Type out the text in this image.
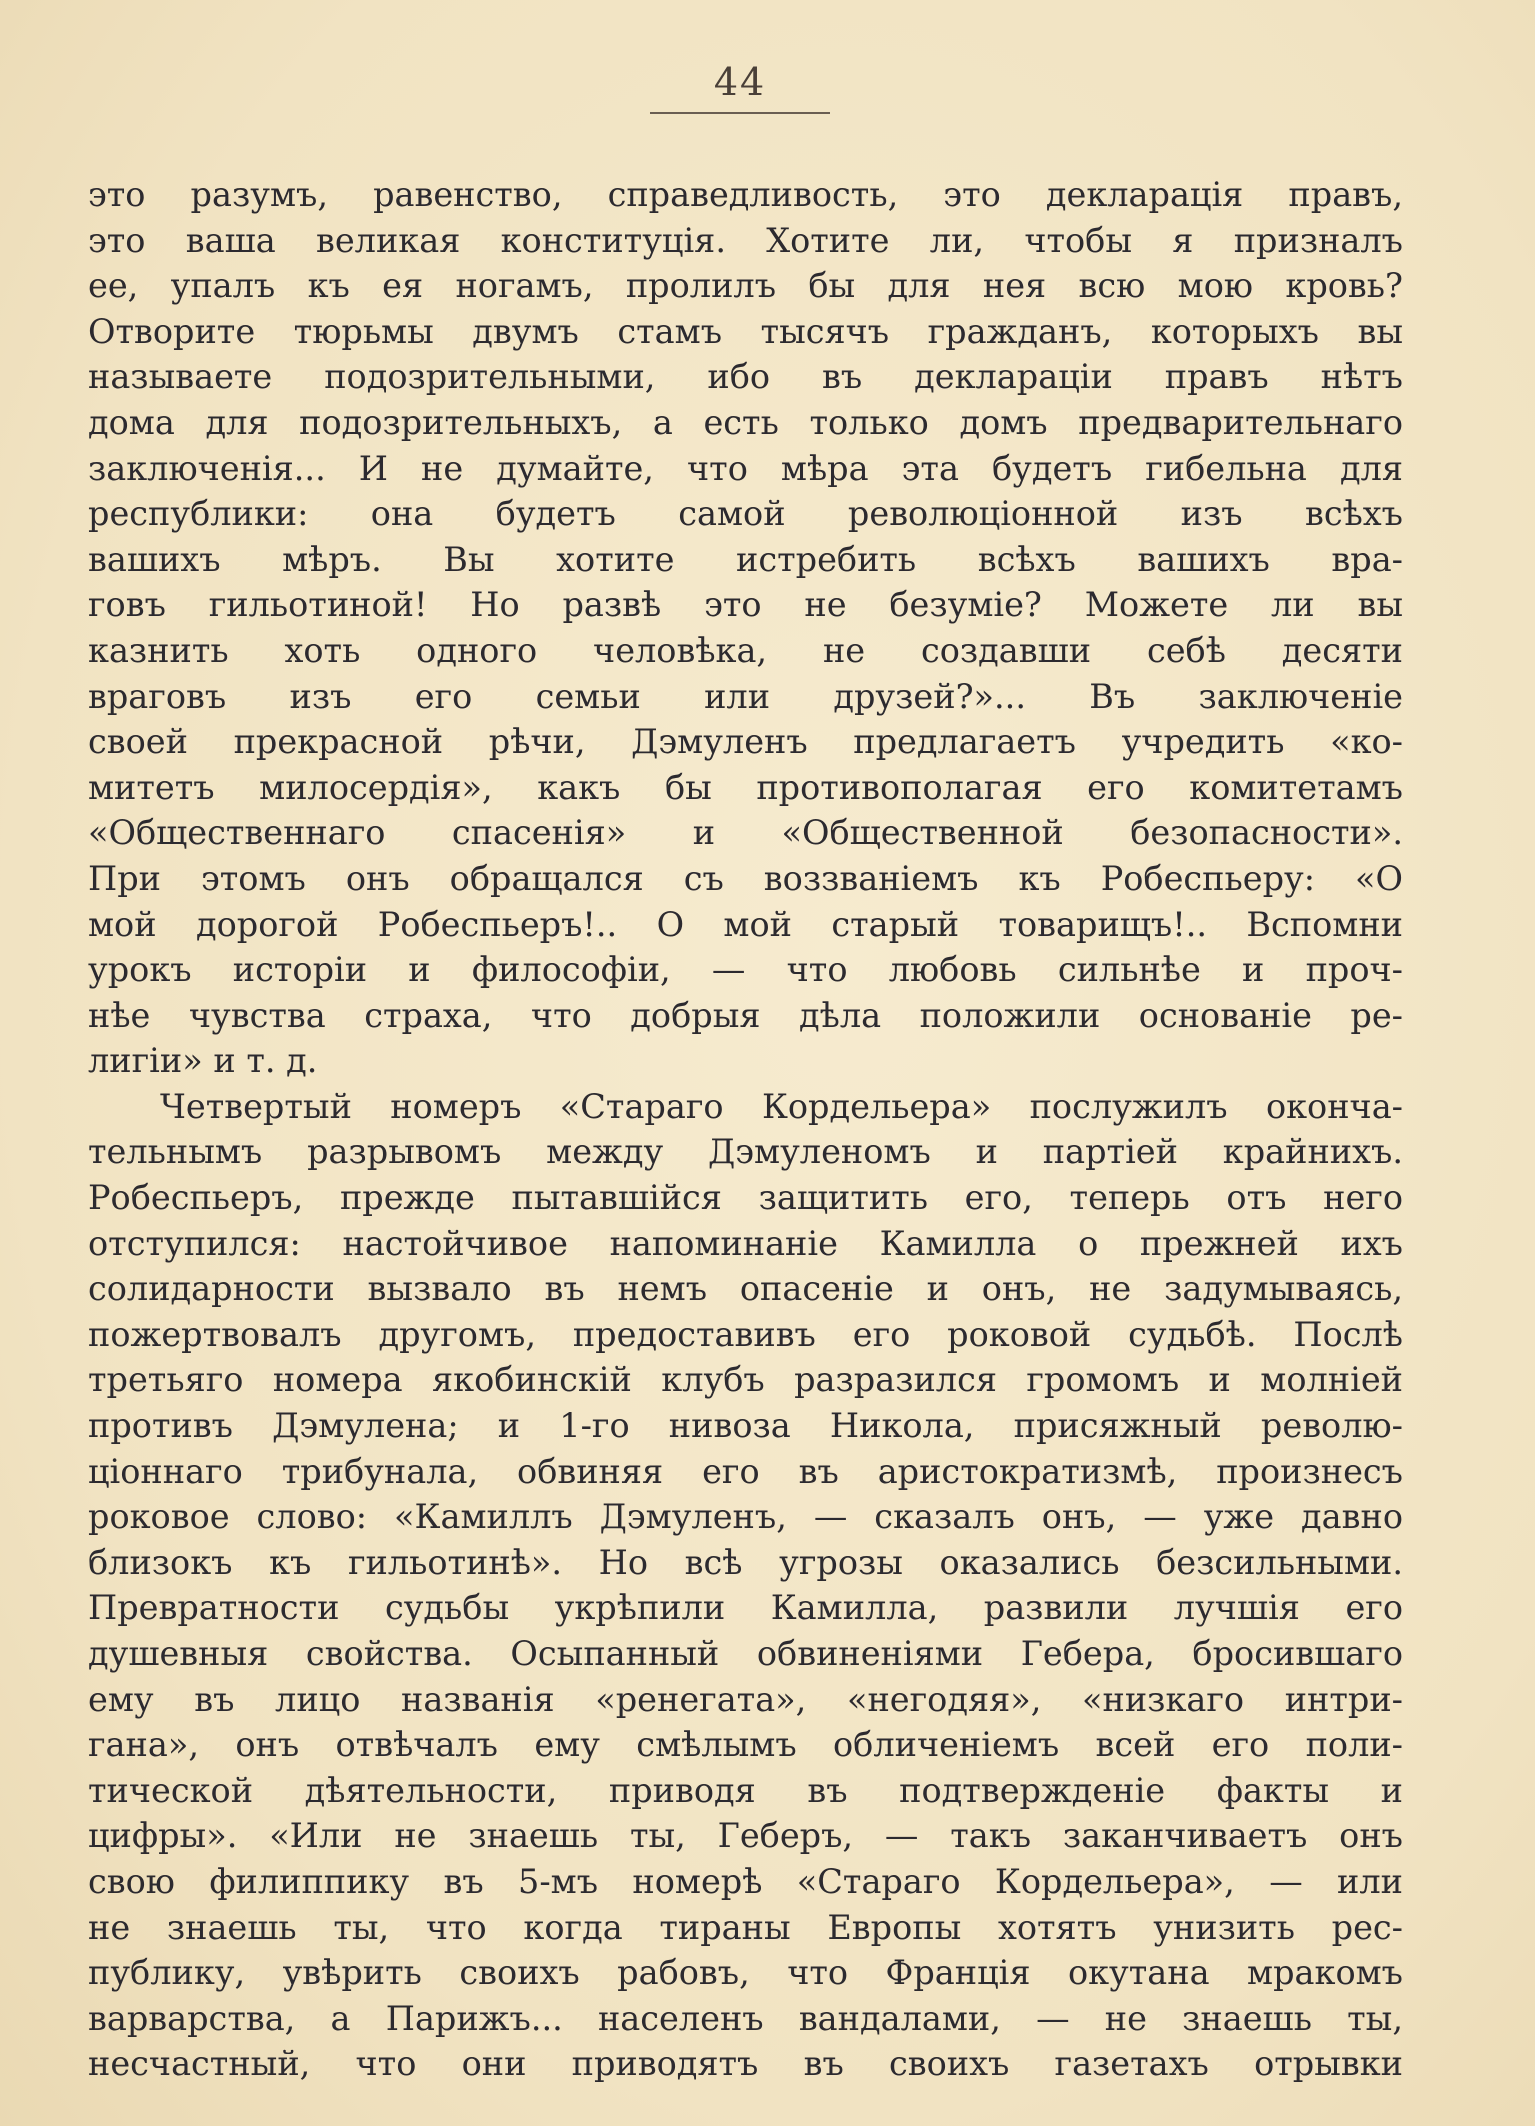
44
это разумъ, равенство, справедливость, это декларація правъ,
это ваша великая конституція. Хотите ли, чтобы я призналъ
ее, упалъ къ ея ногамъ, пролилъ бы для нея всю мою кровь?
Отворите тюрьмы двумъ стамъ тысячъ гражданъ, которыхъ вы
называете подозрительными, ибо въ деклараціи правъ нѣтъ
дома для подозрительныхъ, а есть только домъ предварительнаго
заключенія... И не думайте, что мѣра эта будетъ гибельна для
республики: она будетъ самой революціонной изъ всѣхъ
вашихъ мѣръ. Вы хотите истребить всѣхъ вашихъ вра-
говъ гильотиной! Но развѣ это не безуміе? Можете ли вы
казнить хоть одного человѣка, не создавши себѣ десяти
враговъ изъ его семьи или друзей?»... Въ заключеніе
своей прекрасной рѣчи, Дэмуленъ предлагаетъ учредить «ко-
митетъ милосердія», какъ бы противополагая его комитетамъ
«Общественнаго спасенія» и «Общественной безопасности».
При этомъ онъ обращался съ воззваніемъ къ Робеспьеру: «О
мой дорогой Робеспьеръ!.. О мой старый товарищъ!.. Вспомни
урокъ исторіи и философіи, — что любовь сильнѣе и проч-
нѣе чувства страха, что добрыя дѣла положили основаніе ре-
лигіи» и т. д.
Четвертый номеръ «Стараго Кордельера» послужилъ оконча-
тельнымъ разрывомъ между Дэмуленомъ и партіей крайнихъ.
Робеспьеръ, прежде пытавшійся защитить его, теперь отъ него
отступился: настойчивое напоминаніе Камилла о прежней ихъ
солидарности вызвало въ немъ опасеніе и онъ, не задумываясь,
пожертвовалъ другомъ, предоставивъ его роковой судьбѣ. Послѣ
третьяго номера якобинскій клубъ разразился громомъ и молніей
противъ Дэмулена; и 1-го нивоза Никола, присяжный револю-
ціоннаго трибунала, обвиняя его въ аристократизмѣ, произнесъ
роковое слово: «Камиллъ Дэмуленъ, — сказалъ онъ, — уже давно
близокъ къ гильотинѣ». Но всѣ угрозы оказались безсильными.
Превратности судьбы укрѣпили Камилла, развили лучшія его
душевныя свойства. Осыпанный обвиненіями Гебера, бросившаго
ему въ лицо названія «ренегата», «негодяя», «низкаго интри-
гана», онъ отвѣчалъ ему смѣлымъ обличеніемъ всей его поли-
тической дѣятельности, приводя въ подтвержденіе факты и
цифры». «Или не знаешь ты, Геберъ, — такъ заканчиваетъ онъ
свою филиппику въ 5-мъ номерѣ «Стараго Кордельера», — или
не знаешь ты, что когда тираны Европы хотятъ унизить рес-
публику, увѣрить своихъ рабовъ, что Франція окутана мракомъ
варварства, а Парижъ... населенъ вандалами, — не знаешь ты,
несчастный, что они приводятъ въ своихъ газетахъ отрывки
